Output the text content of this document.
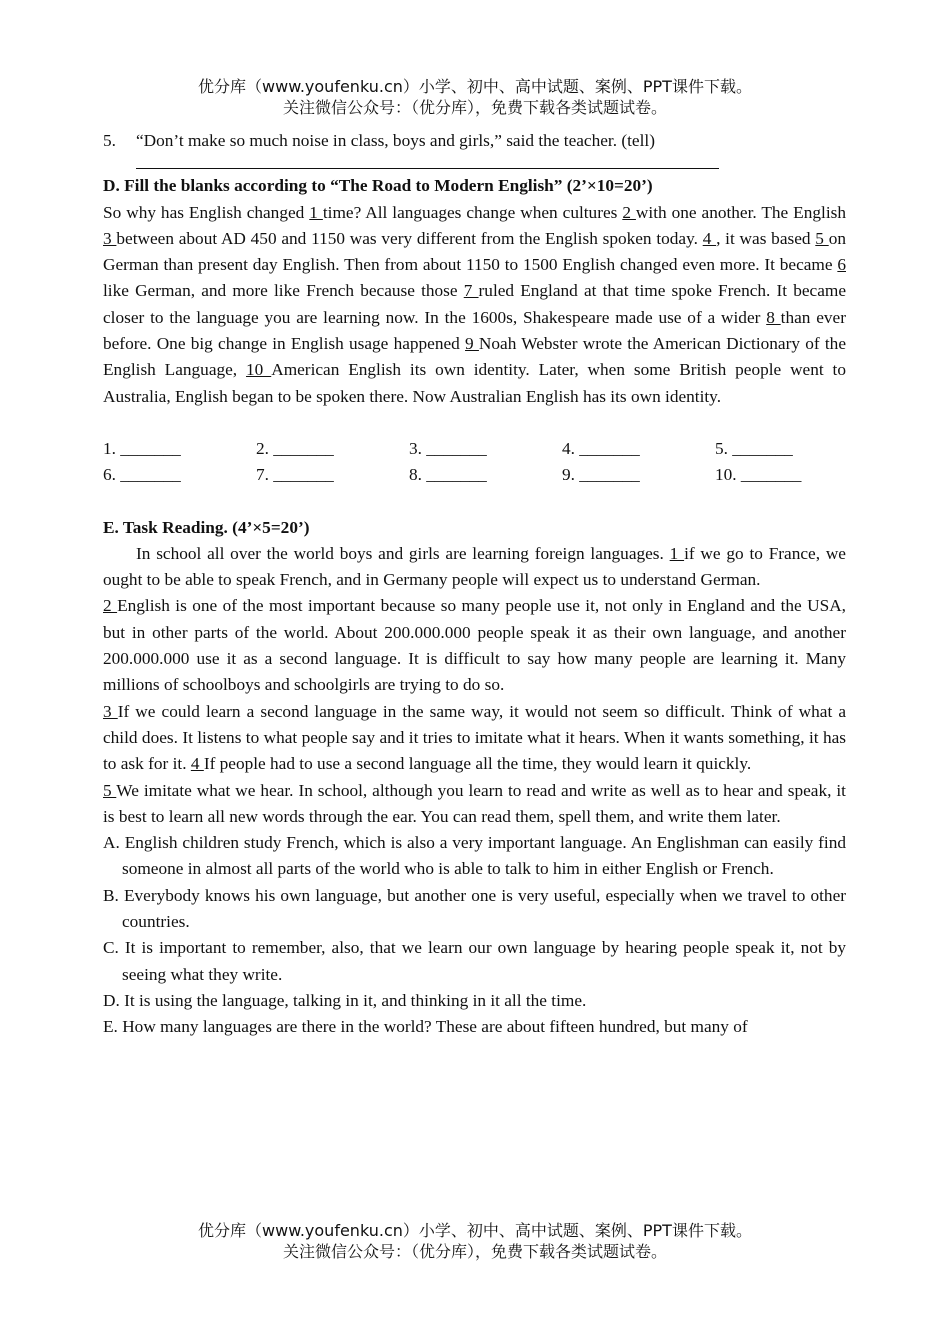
优分库（www.youfenku.cn）小学、初中、高中试题、案例、PPT课件下载。
关注微信公众号：（优分库），免费下载各类试题试卷。
5.	“Don’t make so much noise in class, boys and girls,” said the teacher. (tell)

D. Fill the blanks according to “The Road to Modern English” (2’×10=20’)

So why has English changed 1 time? All languages change when cultures 2 with one another. The English 3 between about AD 450 and 1150 was very different from the English spoken today. 4 , it was based 5 on German than present day English. Then from about 1150 to 1500 English changed even more. It became 6 like German, and more like French because those 7 ruled England at that time spoke French. It became closer to the language you are learning now. In the 1600s, Shakespeare made use of a wider 8 than ever before. One big change in English usage happened 9 Noah Webster wrote the American Dictionary of the English Language, 10 American English its own identity. Later, when some British people went to Australia, English began to be spoken there. Now Australian English has its own identity.

1. _______	2. _______	3. _______	4. _______	5. _______
6. _______	7. _______	8. _______	9. _______	10. _______

E. Task Reading. (4’×5=20’)

In school all over the world boys and girls are learning foreign languages. 1 if we go to France, we ought to be able to speak French, and in Germany people will expect us to understand German.

2 English is one of the most important because so many people use it, not only in England and the USA, but in other parts of the world. About 200.000.000 people speak it as their own language, and another 200.000.000 use it as a second language. It is difficult to say how many people are learning it. Many millions of schoolboys and schoolgirls are trying to do so.

3 If we could learn a second language in the same way, it would not seem so difficult. Think of what a child does. It listens to what people say and it tries to imitate what it hears. When it wants something, it has to ask for it. 4 If people had to use a second language all the time, they would learn it quickly.

5 We imitate what we hear. In school, although you learn to read and write as well as to hear and speak, it is best to learn all new words through the ear. You can read them, spell them, and write them later.

A. English children study French, which is also a very important language. An Englishman can easily find someone in almost all parts of the world who is able to talk to him in either English or French.

B. Everybody knows his own language, but another one is very useful, especially when we travel to other countries.

C. It is important to remember, also, that we learn our own language by hearing people speak it, not by seeing what they write.

D. It is using the language, talking in it, and thinking in it all the time.

E. How many languages are there in the world? These are about fifteen hundred, but many of

优分库（www.youfenku.cn）小学、初中、高中试题、案例、PPT课件下载。
关注微信公众号：（优分库），免费下载各类试题试卷。
